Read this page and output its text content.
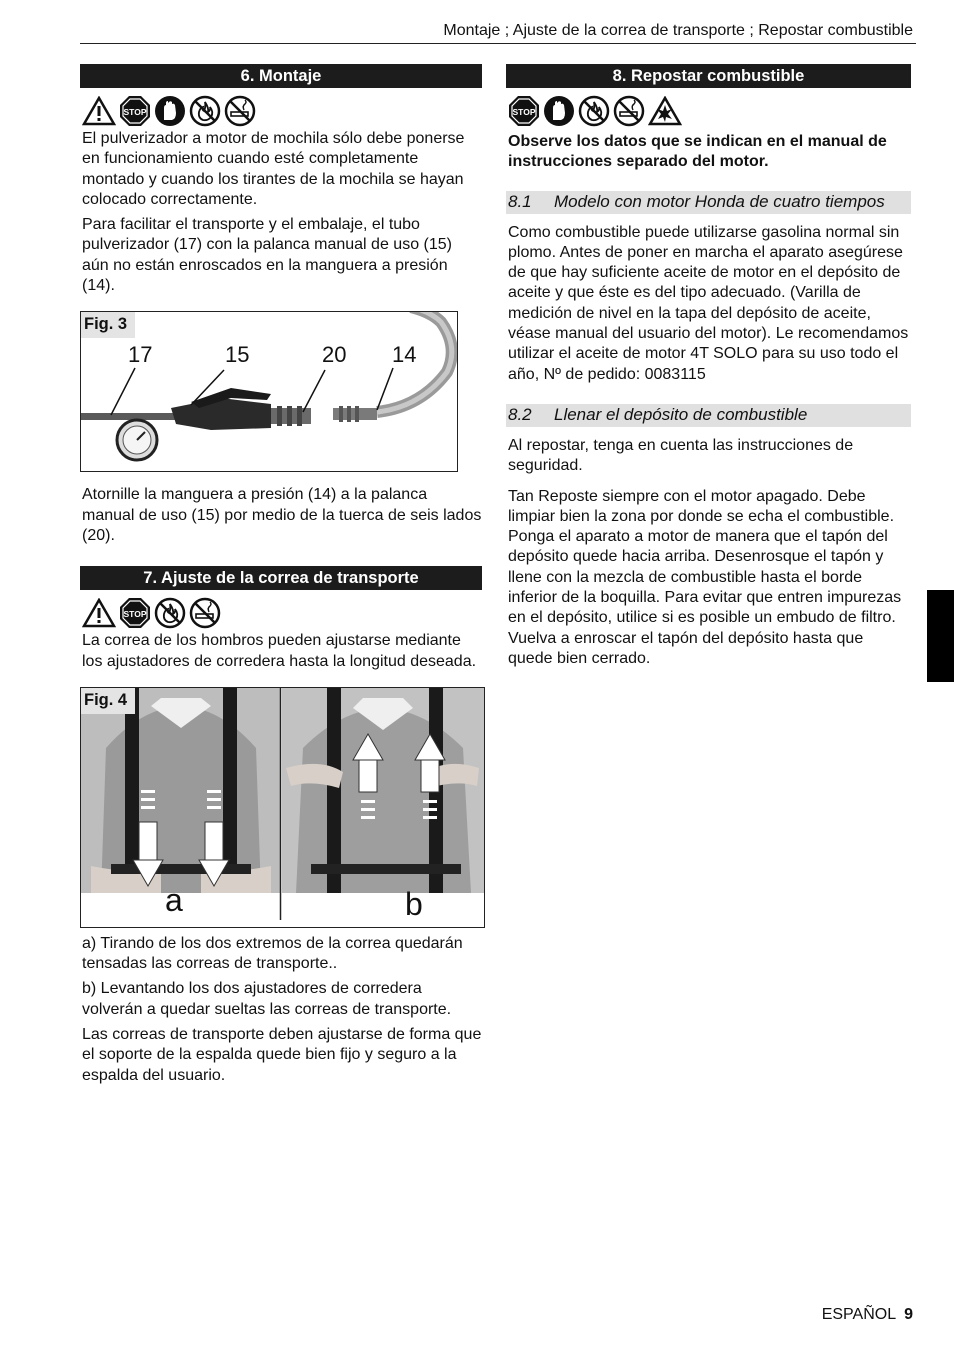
Montaje ; Ajuste de la correa de transporte ; Repostar combustible
6. Montaje
STOP

El pulverizador a motor de mochila sólo debe ponerse en funcionamiento cuando esté completamente montado y cuando los tirantes de la mochila se hayan colocado correctamente.

Para facilitar el transporte y el embalaje, el tubo pulverizador (17) con la palanca manual de uso (15) aún no están enroscados en la manguera a presión (14).

Fig. 3
17	15	20 14

Atornille la manguera a presión (14) a la palanca manual de uso (15) por medio de la tuerca de seis lados (20).

7. Ajuste de la correa de transporte
STOP

La correa de los hombros pueden ajustarse mediante los ajustadores de corredera hasta la longitud deseada.

Fig. 4
a	b

a) Tirando de los dos extremos de la correa quedarán tensadas las correas de transporte..

b) Levantando los dos ajustadores de corredera volverán a quedar sueltas las correas de transporte.

Las correas de transporte deben ajustarse de forma que el soporte de la espalda quede bien fijo y seguro a la espalda del usuario.

8. Repostar combustible
STOP

Observe los datos que se indican en el manual de instrucciones separado del motor.

8.1	Modelo con motor Honda de cuatro tiempos

Como combustible puede utilizarse gasolina normal sin plomo. Antes de poner en marcha el aparato asegúrese de que hay suficiente aceite de motor en el depósito de aceite y que éste es del tipo adecuado. (Varilla de medición de nivel en la tapa del depósito de aceite, véase manual del usuario del motor). Le recomendamos utilizar el aceite de motor 4T SOLO para su uso todo el año, Nº de pedido: 0083115

8.2	Llenar el depósito de combustible

Al repostar, tenga en cuenta las instrucciones de seguridad.

Tan Reposte siempre con el motor apagado. Debe limpiar bien la zona por donde se echa el combustible. Ponga el aparato a motor de manera que el tapón del depósito quede hacia arriba. Desenrosque el tapón y llene con la mezcla de combustible hasta el borde inferior de la boquilla. Para evitar que entren impurezas en el depósito, utilice si es posible un embudo de filtro. Vuelva a enroscar el tapón del depósito hasta que quede bien cerrado.

ESPAÑOL 9
